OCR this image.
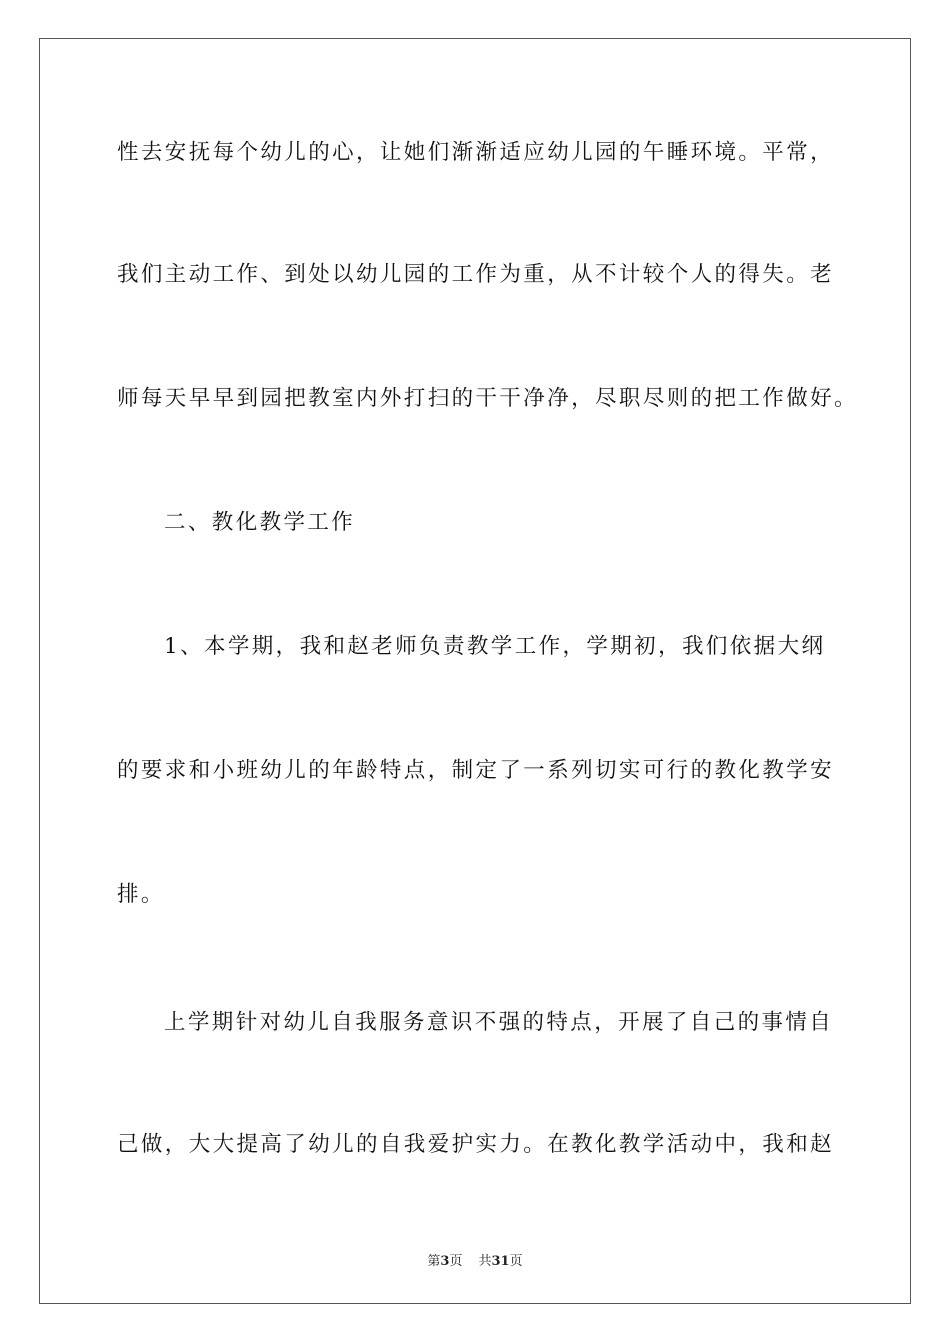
性去安抚每个幼儿的心，让她们渐渐适应幼儿园的午睡环境。平常，
我们主动工作、到处以幼儿园的工作为重，从不计较个人的得失。老
师每天早早到园把教室内外打扫的干干净净，尽职尽则的把工作做好。
二、教化教学工作
1、本学期，我和赵老师负责教学工作，学期初，我们依据大纲
的要求和小班幼儿的年龄特点，制定了一系列切实可行的教化教学安
排。
上学期针对幼儿自我服务意识不强的特点，开展了自己的事情自
己做，大大提高了幼儿的自我爱护实力。在教化教学活动中，我和赵
第3页 共31页
